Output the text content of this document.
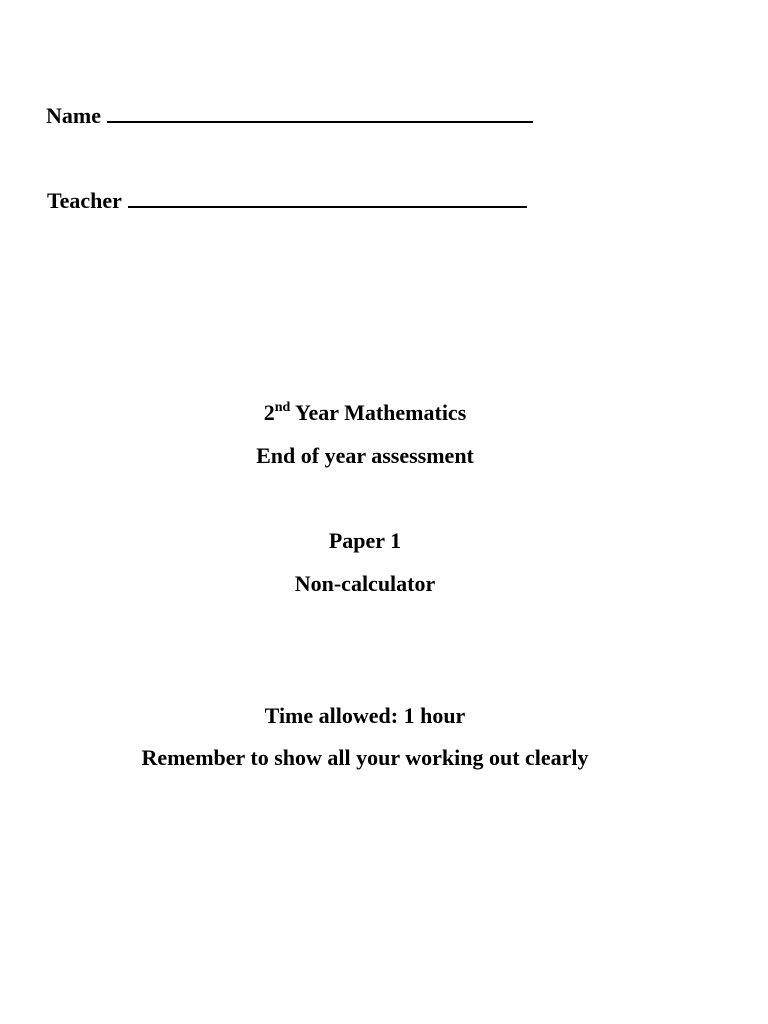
Name
Teacher
2nd Year Mathematics
End of year assessment
Paper 1
Non-calculator
Time allowed: 1 hour
Remember to show all your working out clearly
